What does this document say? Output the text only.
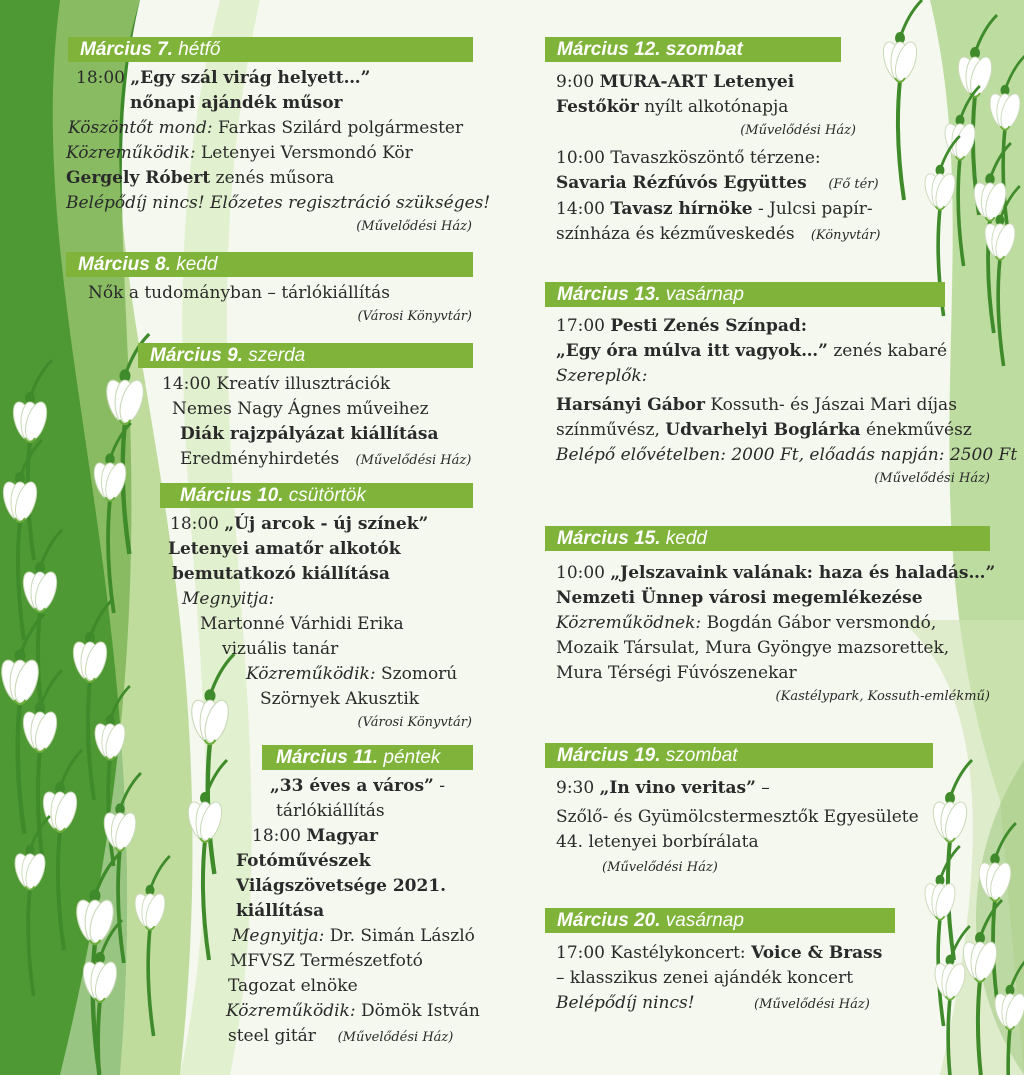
Március 7. hétfő
18:00 „Egy szál virág helyett…”
nőnapi ajándék műsor
Köszöntőt mond: Farkas Szilárd polgármester
Közreműködik: Letenyei Versmondó Kör
Gergely Róbert zenés műsora
Belépődíj nincs! Előzetes regisztráció szükséges!
(Művelődési Ház)
Március 8. kedd
Nők a tudományban – tárlókiállítás
(Városi Könyvtár)
Március 9. szerda
14:00 Kreatív illusztrációk
Nemes Nagy Ágnes műveihez
Diák rajzpályázat kiállítása
Eredményhirdetés (Művelődési Ház)
Március 10. csütörtök
18:00 „Új arcok - új színek”
Letenyei amatőr alkotók
bemutatkozó kiállítása
Megnyitja:
Martonné Várhidi Erika
vizuális tanár
Közreműködik: Szomorú
Szörnyek Akusztik
(Városi Könyvtár)
Március 11. péntek
„33 éves a város” -
tárlókiállítás
18:00 Magyar
Fotóművészek
Világszövetsége 2021.
kiállítása
Megnyitja: Dr. Simán László
MFVSZ Természetfotó
Tagozat elnöke
Közreműködik: Dömök István
steel gitár (Művelődési Ház)
Március 12. szombat
9:00 MURA-ART Letenyei
Festőkör nyílt alkotónapja
(Művelődési Ház)
10:00 Tavaszköszöntő térzene:
Savaria Rézfúvós Együttes (Fő tér)
14:00 Tavasz hírnöke - Julcsi papír-
színháza és kézműveskedés (Könyvtár)
Március 13. vasárnap
17:00 Pesti Zenés Színpad:
„Egy óra múlva itt vagyok…” zenés kabaré
Szereplők:
Harsányi Gábor Kossuth- és Jászai Mari díjas
színművész, Udvarhelyi Boglárka énekművész
Belépő elővételben: 2000 Ft, előadás napján: 2500 Ft
(Művelődési Ház)
Március 15. kedd
10:00 „Jelszavaink valának: haza és haladás…”
Nemzeti Ünnep városi megemlékezése
Közreműködnek: Bogdán Gábor versmondó,
Mozaik Társulat, Mura Gyöngye mazsorettek,
Mura Térségi Fúvószenekar
(Kastélypark, Kossuth-emlékmű)
Március 19. szombat
9:30 „In vino veritas” –
Szőlő- és Gyümölcstermesztők Egyesülete
44. letenyei borbírálata
(Művelődési Ház)
Március 20. vasárnap
17:00 Kastélykoncert: Voice & Brass
– klasszikus zenei ajándék koncert
Belépődíj nincs!	(Művelődési Ház)
